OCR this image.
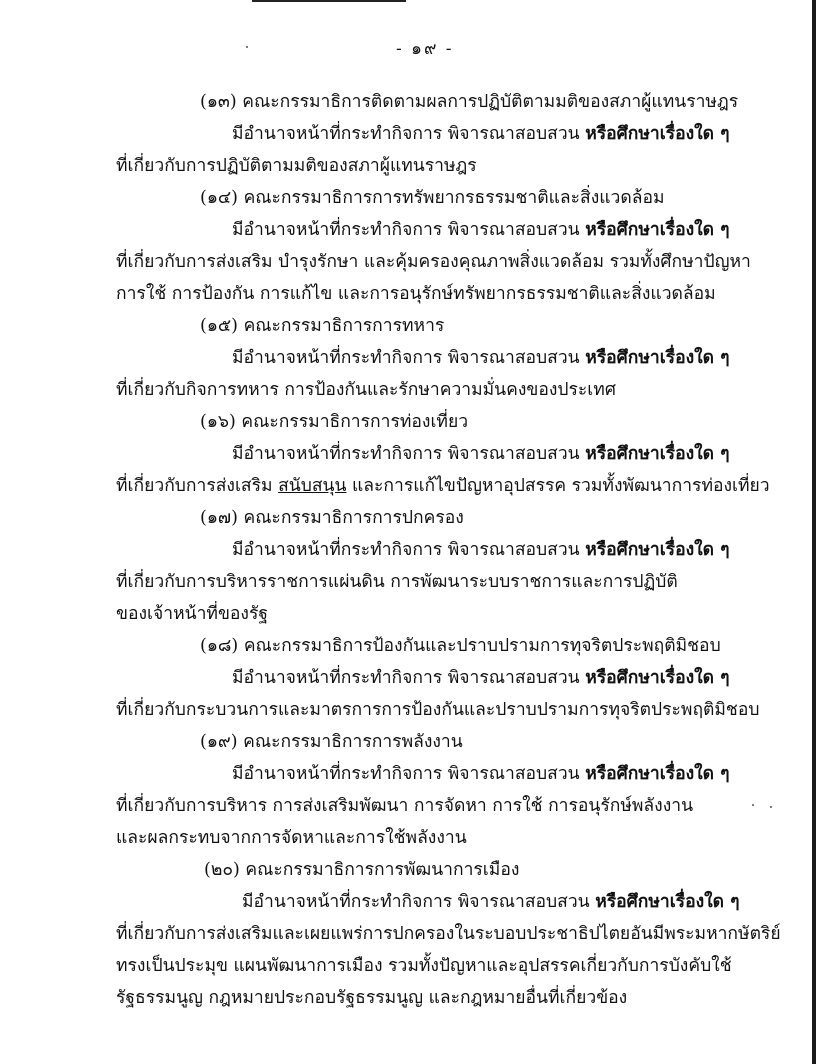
- ๑๙ -
(๑๓) คณะกรรมาธิการติดตามผลการปฏิบัติตามมติของสภาผู้แทนราษฎร
มีอำนาจหน้าที่กระทำกิจการ พิจารณาสอบสวน หรือศึกษาเรื่องใด ๆ
ที่เกี่ยวกับการปฏิบัติตามมติของสภาผู้แทนราษฎร
(๑๔) คณะกรรมาธิการการทรัพยากรธรรมชาติและสิ่งแวดล้อม
มีอำนาจหน้าที่กระทำกิจการ พิจารณาสอบสวน หรือศึกษาเรื่องใด ๆ
ที่เกี่ยวกับการส่งเสริม บำรุงรักษา และคุ้มครองคุณภาพสิ่งแวดล้อม รวมทั้งศึกษาปัญหา
การใช้ การป้องกัน การแก้ไข และการอนุรักษ์ทรัพยากรธรรมชาติและสิ่งแวดล้อม
(๑๕) คณะกรรมาธิการการทหาร
มีอำนาจหน้าที่กระทำกิจการ พิจารณาสอบสวน หรือศึกษาเรื่องใด ๆ
ที่เกี่ยวกับกิจการทหาร การป้องกันและรักษาความมั่นคงของประเทศ
(๑๖) คณะกรรมาธิการการท่องเที่ยว
มีอำนาจหน้าที่กระทำกิจการ พิจารณาสอบสวน หรือศึกษาเรื่องใด ๆ
ที่เกี่ยวกับการส่งเสริม สนับสนุน และการแก้ไขปัญหาอุปสรรค รวมทั้งพัฒนาการท่องเที่ยว
(๑๗) คณะกรรมาธิการการปกครอง
มีอำนาจหน้าที่กระทำกิจการ พิจารณาสอบสวน หรือศึกษาเรื่องใด ๆ
ที่เกี่ยวกับการบริหารราชการแผ่นดิน การพัฒนาระบบราชการและการปฏิบัติ
ของเจ้าหน้าที่ของรัฐ
(๑๘) คณะกรรมาธิการป้องกันและปราบปรามการทุจริตประพฤติมิชอบ
มีอำนาจหน้าที่กระทำกิจการ พิจารณาสอบสวน หรือศึกษาเรื่องใด ๆ
ที่เกี่ยวกับกระบวนการและมาตรการการป้องกันและปราบปรามการทุจริตประพฤติมิชอบ
(๑๙) คณะกรรมาธิการการพลังงาน
มีอำนาจหน้าที่กระทำกิจการ พิจารณาสอบสวน หรือศึกษาเรื่องใด ๆ
ที่เกี่ยวกับการบริหาร การส่งเสริมพัฒนา การจัดหา การใช้ การอนุรักษ์พลังงาน
และผลกระทบจากการจัดหาและการใช้พลังงาน
(๒๐) คณะกรรมาธิการการพัฒนาการเมือง
มีอำนาจหน้าที่กระทำกิจการ พิจารณาสอบสวน หรือศึกษาเรื่องใด ๆ
ที่เกี่ยวกับการส่งเสริมและเผยแพร่การปกครองในระบอบประชาธิปไตยอันมีพระมหากษัตริย์
ทรงเป็นประมุข แผนพัฒนาการเมือง รวมทั้งปัญหาและอุปสรรคเกี่ยวกับการบังคับใช้
รัฐธรรมนูญ กฎหมายประกอบรัฐธรรมนูญ และกฎหมายอื่นที่เกี่ยวข้อง
